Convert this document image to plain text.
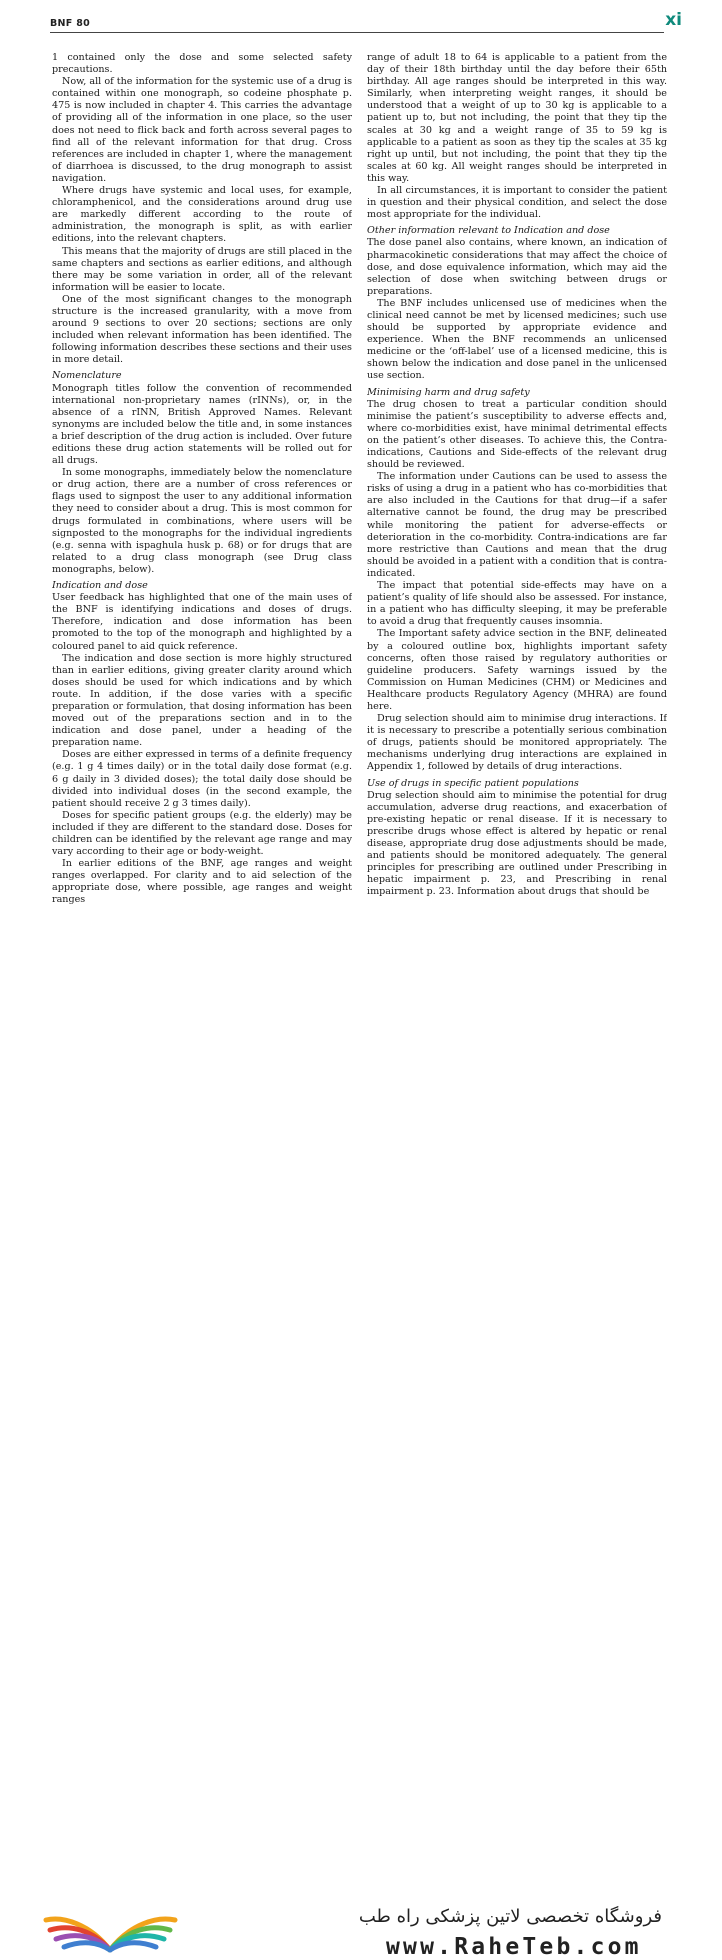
BNF 80	xi

1 contained only the dose and some selected safety precautions.

Now, all of the information for the systemic use of a drug is contained within one monograph, so codeine phosphate p. 475 is now included in chapter 4. This carries the advantage of providing all of the information in one place, so the user does not need to flick back and forth across several pages to find all of the relevant information for that drug. Cross references are included in chapter 1, where the management of diarrhoea is discussed, to the drug monograph to assist navigation.

Where drugs have systemic and local uses, for example, chloramphenicol, and the considerations around drug use are markedly different according to the route of administration, the monograph is split, as with earlier editions, into the relevant chapters.

This means that the majority of drugs are still placed in the same chapters and sections as earlier editions, and although there may be some variation in order, all of the relevant information will be easier to locate.

One of the most significant changes to the monograph structure is the increased granularity, with a move from around 9 sections to over 20 sections; sections are only included when relevant information has been identified. The following information describes these sections and their uses in more detail.

Nomenclature

Monograph titles follow the convention of recommended international non-proprietary names (rINNs), or, in the absence of a rINN, British Approved Names. Relevant synonyms are included below the title and, in some instances a brief description of the drug action is included. Over future editions these drug action statements will be rolled out for all drugs.

In some monographs, immediately below the nomenclature or drug action, there are a number of cross references or flags used to signpost the user to any additional information they need to consider about a drug. This is most common for drugs formulated in combinations, where users will be signposted to the monographs for the individual ingredients (e.g. senna with ispaghula husk p. 68) or for drugs that are related to a drug class monograph (see Drug class monographs, below).

Indication and dose

User feedback has highlighted that one of the main uses of the BNF is identifying indications and doses of drugs. Therefore, indication and dose information has been promoted to the top of the monograph and highlighted by a coloured panel to aid quick reference.

The indication and dose section is more highly structured than in earlier editions, giving greater clarity around which doses should be used for which indications and by which route. In addition, if the dose varies with a specific preparation or formulation, that dosing information has been moved out of the preparations section and in to the indication and dose panel, under a heading of the preparation name.

Doses are either expressed in terms of a definite frequency (e.g. 1 g 4 times daily) or in the total daily dose format (e.g. 6 g daily in 3 divided doses); the total daily dose should be divided into individual doses (in the second example, the patient should receive 2 g 3 times daily).

Doses for specific patient groups (e.g. the elderly) may be included if they are different to the standard dose. Doses for children can be identified by the relevant age range and may vary according to their age or body-weight.

In earlier editions of the BNF, age ranges and weight ranges overlapped. For clarity and to aid selection of the appropriate dose, where possible, age ranges and weight ranges

range of adult 18 to 64 is applicable to a patient from the day of their 18th birthday until the day before their 65th birthday. All age ranges should be interpreted in this way. Similarly, when interpreting weight ranges, it should be understood that a weight of up to 30 kg is applicable to a patient up to, but not including, the point that they tip the scales at 30 kg and a weight range of 35 to 59 kg is applicable to a patient as soon as they tip the scales at 35 kg right up until, but not including, the point that they tip the scales at 60 kg. All weight ranges should be interpreted in this way.

In all circumstances, it is important to consider the patient in question and their physical condition, and select the dose most appropriate for the individual.

Other information relevant to Indication and dose

The dose panel also contains, where known, an indication of pharmacokinetic considerations that may affect the choice of dose, and dose equivalence information, which may aid the selection of dose when switching between drugs or preparations.

The BNF includes unlicensed use of medicines when the clinical need cannot be met by licensed medicines; such use should be supported by appropriate evidence and experience. When the BNF recommends an unlicensed medicine or the ‘off-label’ use of a licensed medicine, this is shown below the indication and dose panel in the unlicensed use section.

Minimising harm and drug safety

The drug chosen to treat a particular condition should minimise the patient’s susceptibility to adverse effects and, where co-morbidities exist, have minimal detrimental effects on the patient’s other diseases. To achieve this, the Contra-indications, Cautions and Side-effects of the relevant drug should be reviewed.

The information under Cautions can be used to assess the risks of using a drug in a patient who has co-morbidities that are also included in the Cautions for that drug—if a safer alternative cannot be found, the drug may be prescribed while monitoring the patient for adverse-effects or deterioration in the co-morbidity. Contra-indications are far more restrictive than Cautions and mean that the drug should be avoided in a patient with a condition that is contra-indicated.

The impact that potential side-effects may have on a patient’s quality of life should also be assessed. For instance, in a patient who has difficulty sleeping, it may be preferable to avoid a drug that frequently causes insomnia.

The Important safety advice section in the BNF, delineated by a coloured outline box, highlights important safety concerns, often those raised by regulatory authorities or guideline producers. Safety warnings issued by the Commission on Human Medicines (CHM) or Medicines and Healthcare products Regulatory Agency (MHRA) are found here.

Drug selection should aim to minimise drug interactions. If it is necessary to prescribe a potentially serious combination of drugs, patients should be monitored appropriately. The mechanisms underlying drug interactions are explained in Appendix 1, followed by details of drug interactions.

Use of drugs in specific patient populations

Drug selection should aim to minimise the potential for drug accumulation, adverse drug reactions, and exacerbation of pre-existing hepatic or renal disease. If it is necessary to prescribe drugs whose effect is altered by hepatic or renal disease, appropriate drug dose adjustments should be made, and patients should be monitored adequately. The general principles for prescribing are outlined under Prescribing in hepatic impairment p. 23, and Prescribing in renal impairment p. 23. Information about drugs that should be

فروشگاه تخصصی لاتین پزشکی راه طب
www.RaheTeb.com
